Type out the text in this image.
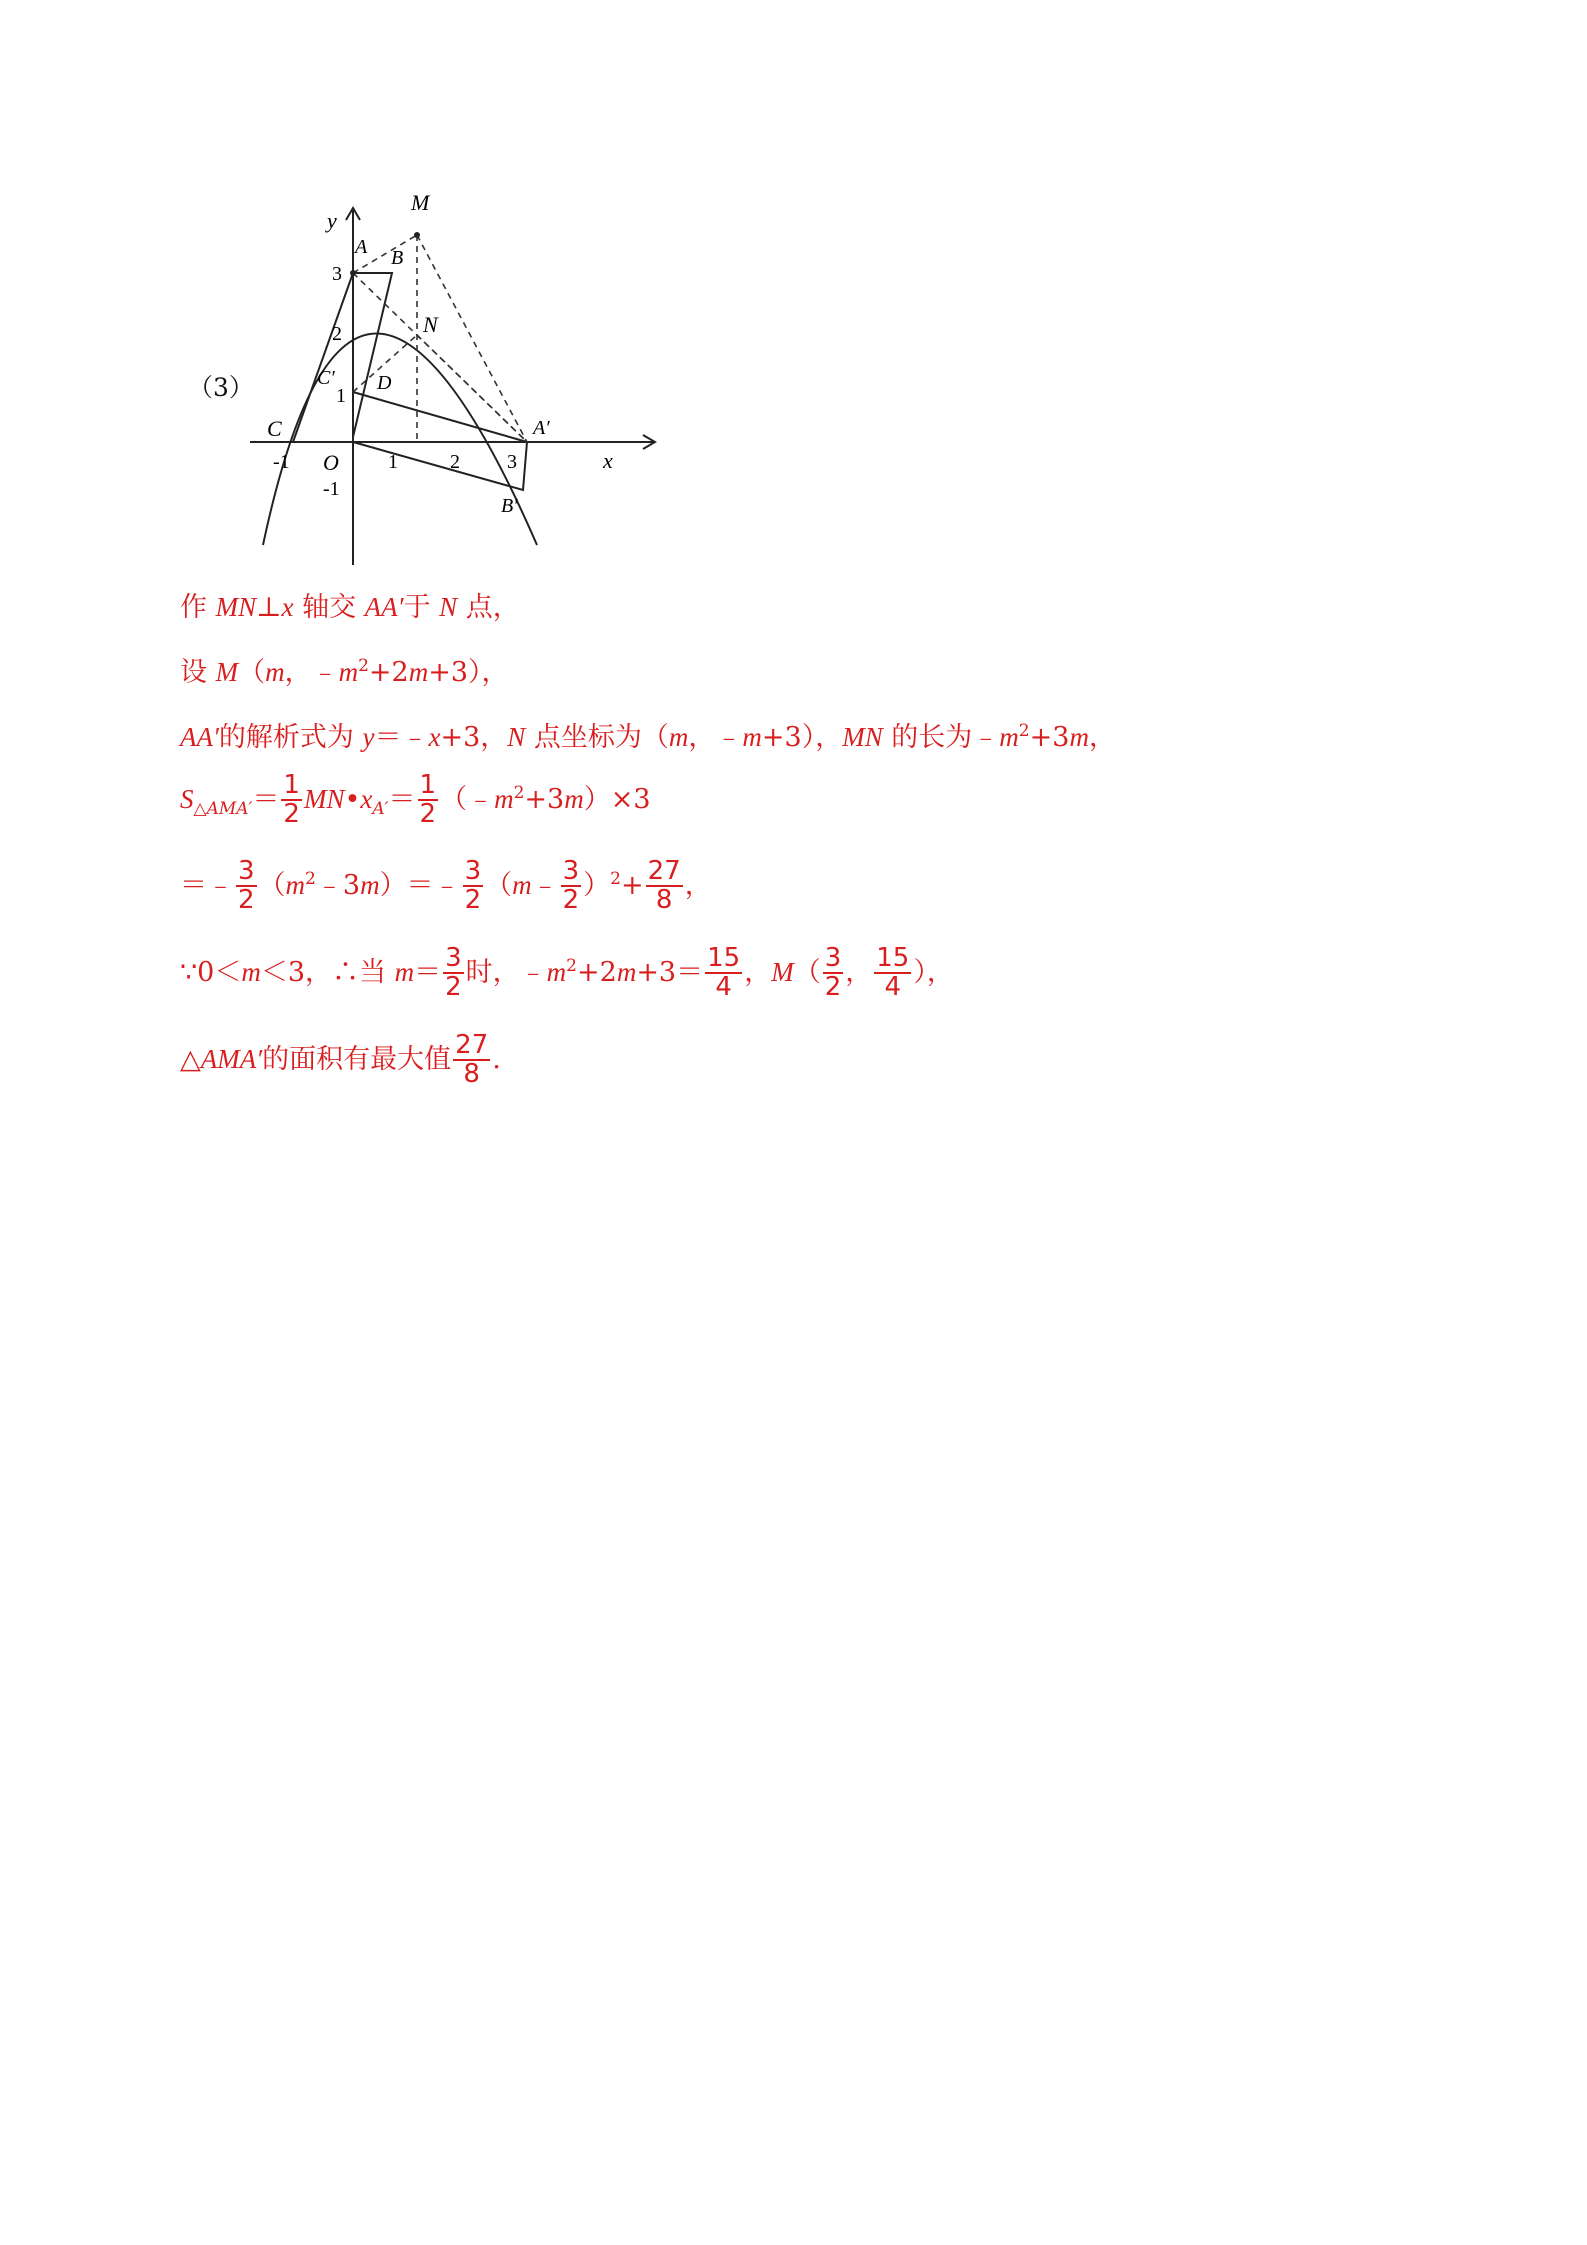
（3）
y
x
O
M
A B
N
C′ D
C	A′
B′
-1	1	2 3
3
2
1
-1
作 MN⊥x 轴交 AA′于 N 点，
设 M（m，$﹣m^2+2m+3$），
AA′的解析式为 y＝﹣x+3，N 点坐标为（m，﹣m+3），MN 的长为$﹣m^2+3m$，
$S_{\triangle AMA'}= \frac{1}{2}$ $MN•x_{A'}= \frac{1}{2}$ $(﹣m^2+3m)\times 3$
＝﹣ $\frac{3}{2}$ $(m^2﹣3m)=﹣ \frac{3}{2}$ （m﹣ $\frac{3}{2} )^2+ \frac{27}{8}$ ，
∵0＜m＜3，∴当 $m= \frac{3}{2}$ 时，$﹣m^2+2m+3= \frac{15}{4}$ ，$M( \frac{3}{2}$ ， $\frac{15}{4}$ ），
△AMA′的面积有最大值 $\frac{27}{8}$ .
